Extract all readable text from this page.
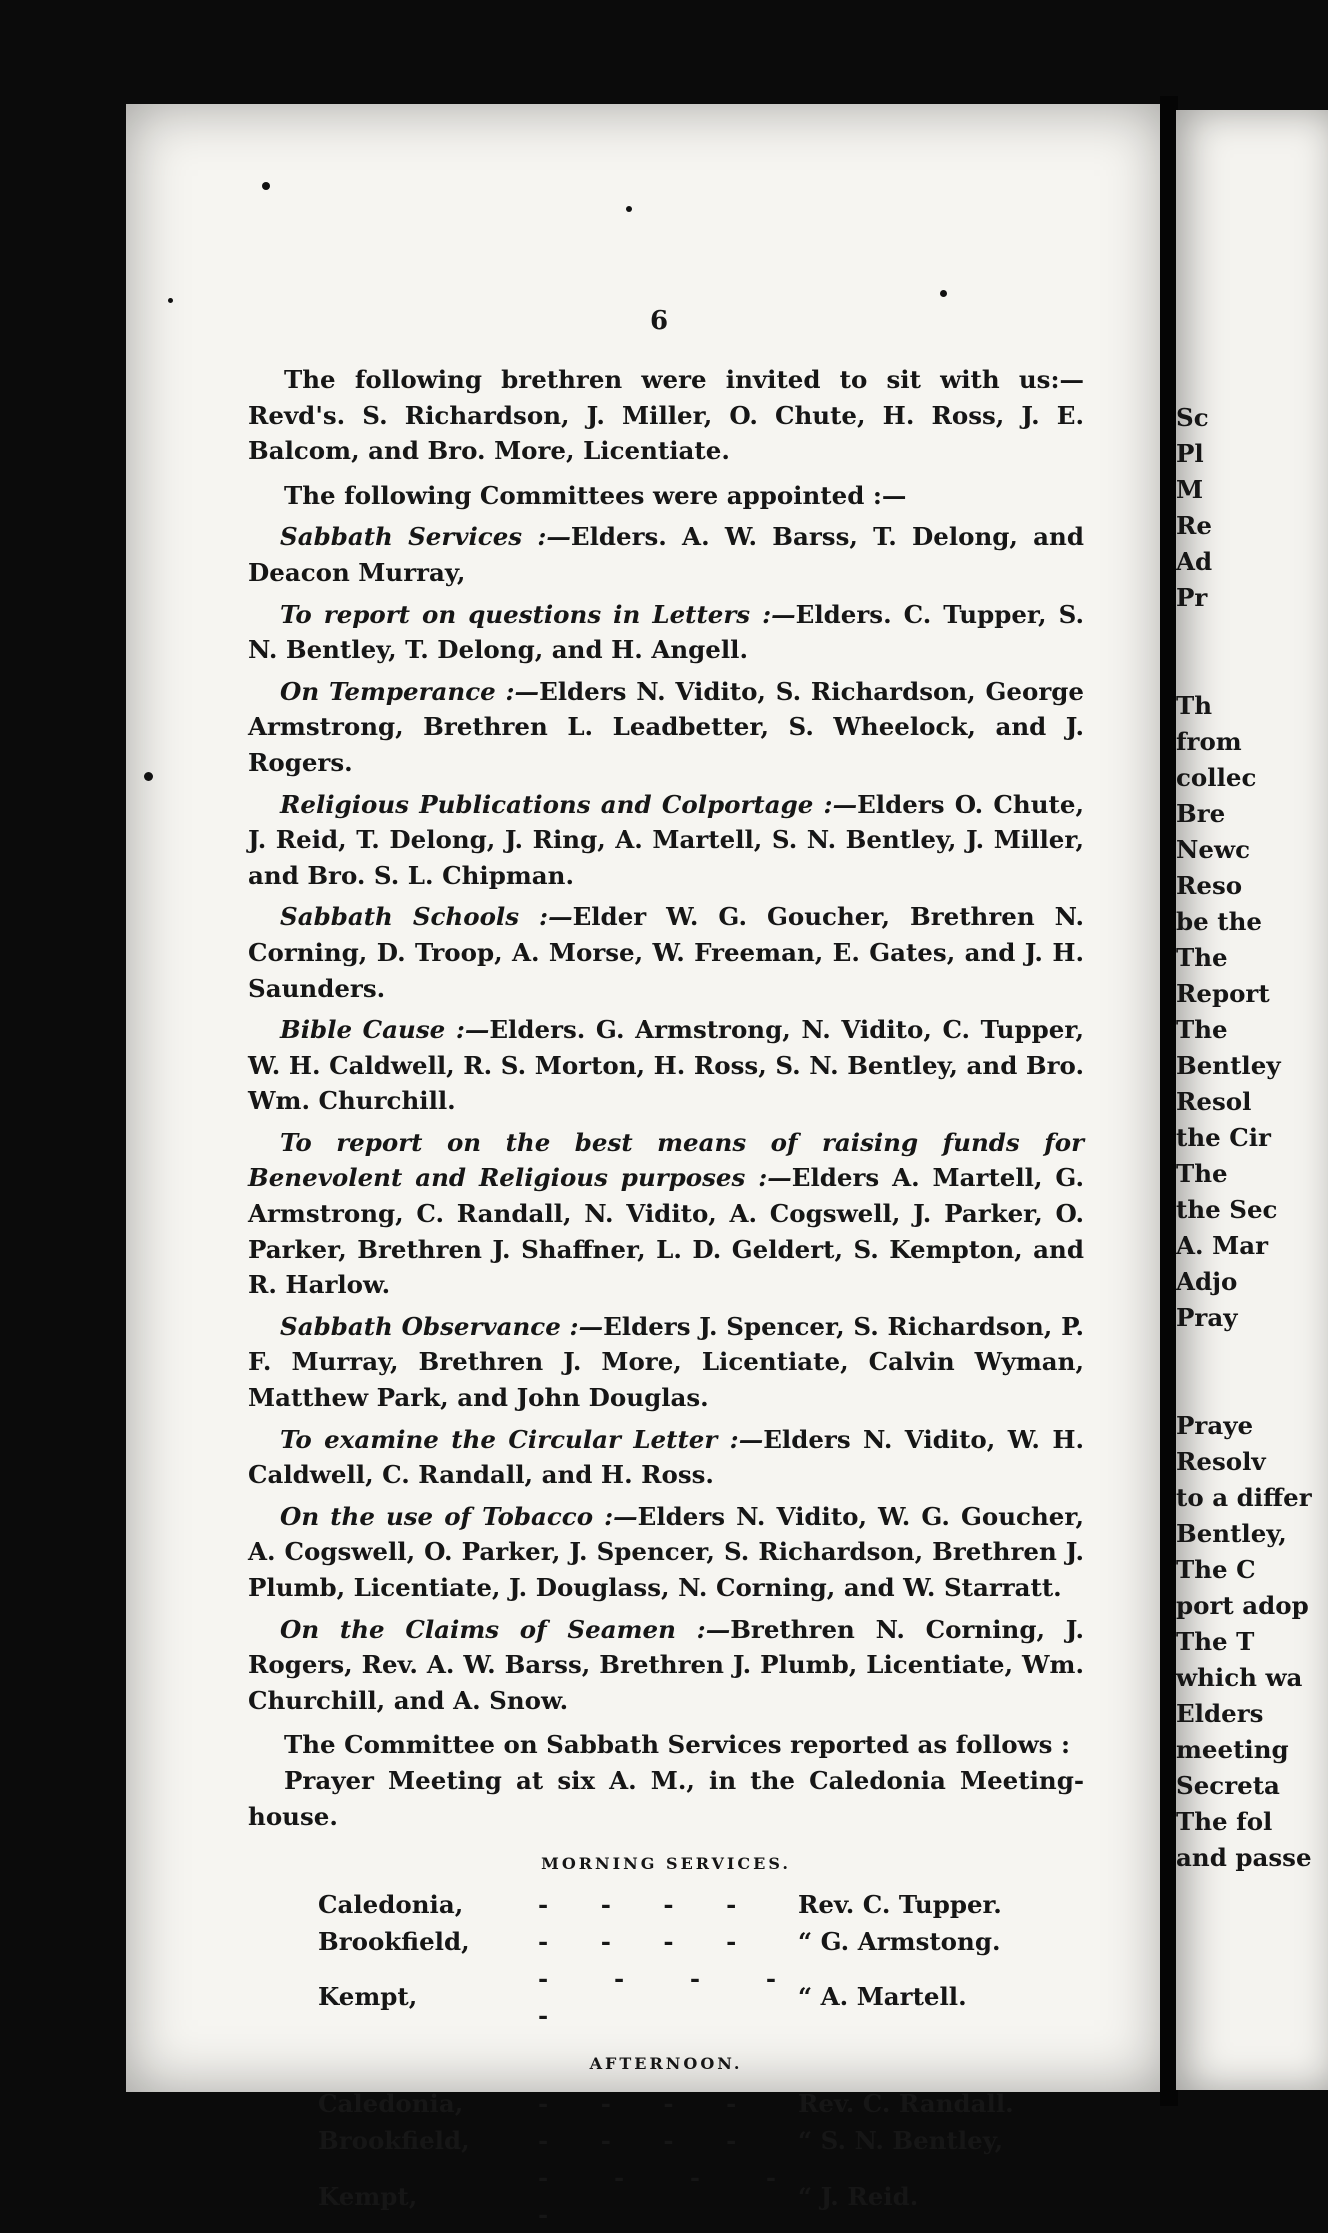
6

The following brethren were invited to sit with us:— Revd's. S. Richardson, J. Miller, O. Chute, H. Ross, J. E. Balcom, and Bro. More, Licentiate.

The following Committees were appointed :—

Sabbath Services :—Elders. A. W. Barss, T. Delong, and Deacon Murray,

To report on questions in Letters :—Elders. C. Tupper, S. N. Bentley, T. Delong, and H. Angell.

On Temperance :—Elders N. Vidito, S. Richardson, George Armstrong, Brethren L. Leadbetter, S. Wheelock, and J. Rogers.

Religious Publications and Colportage :—Elders O. Chute, J. Reid, T. Delong, J. Ring, A. Martell, S. N. Bentley, J. Miller, and Bro. S. L. Chipman.

Sabbath Schools :—Elder W. G. Goucher, Brethren N. Corning, D. Troop, A. Morse, W. Freeman, E. Gates, and J. H. Saunders.

Bible Cause :—Elders. G. Armstrong, N. Vidito, C. Tupper, W. H. Caldwell, R. S. Morton, H. Ross, S. N. Bentley, and Bro. Wm. Churchill.

To report on the best means of raising funds for Benevolent and Religious purposes :—Elders A. Martell, G. Armstrong, C. Randall, N. Vidito, A. Cogswell, J. Parker, O. Parker, Brethren J. Shaffner, L. D. Geldert, S. Kempton, and R. Harlow.

Sabbath Observance :—Elders J. Spencer, S. Richardson, P. F. Murray, Brethren J. More, Licentiate, Calvin Wyman, Matthew Park, and John Douglas.

To examine the Circular Letter :—Elders N. Vidito, W. H. Caldwell, C. Randall, and H. Ross.

On the use of Tobacco :—Elders N. Vidito, W. G. Goucher, A. Cogswell, O. Parker, J. Spencer, S. Richardson, Brethren J. Plumb, Licentiate, J. Douglass, N. Corning, and W. Starratt.

On the Claims of Seamen :—Brethren N. Corning, J. Rogers, Rev. A. W. Barss, Brethren J. Plumb, Licentiate, Wm. Churchill, and A. Snow.

The Committee on Sabbath Services reported as follows :

Prayer Meeting at six A. M., in the Caledonia Meeting-house.

MORNING SERVICES.
Caledonia,	- - - -	Rev. C. Tupper.
Brookfield,	- - - -	“ G. Armstong.
Kempt,	- - - - -	“ A. Martell.
AFTERNOON.
Caledonia,	- - - -	Rev. C. Randall.
Brookfield,	- - - -	“ S. N. Bentley,
Kempt,	- - - - -	“ J. Reid.
Sc
Pl
M
Re
Ad
Pr

Th
from
collec
Bre
Newc
Reso
be the
The
Report
The
Bentley
Resol
the Cir
The
the Sec
A. Mar
Adjo
Pray

Praye
Resolv
to a differ
Bentley,
The C
port adop
The T
which wa
Elders
meeting
Secreta
The fol
and passe
